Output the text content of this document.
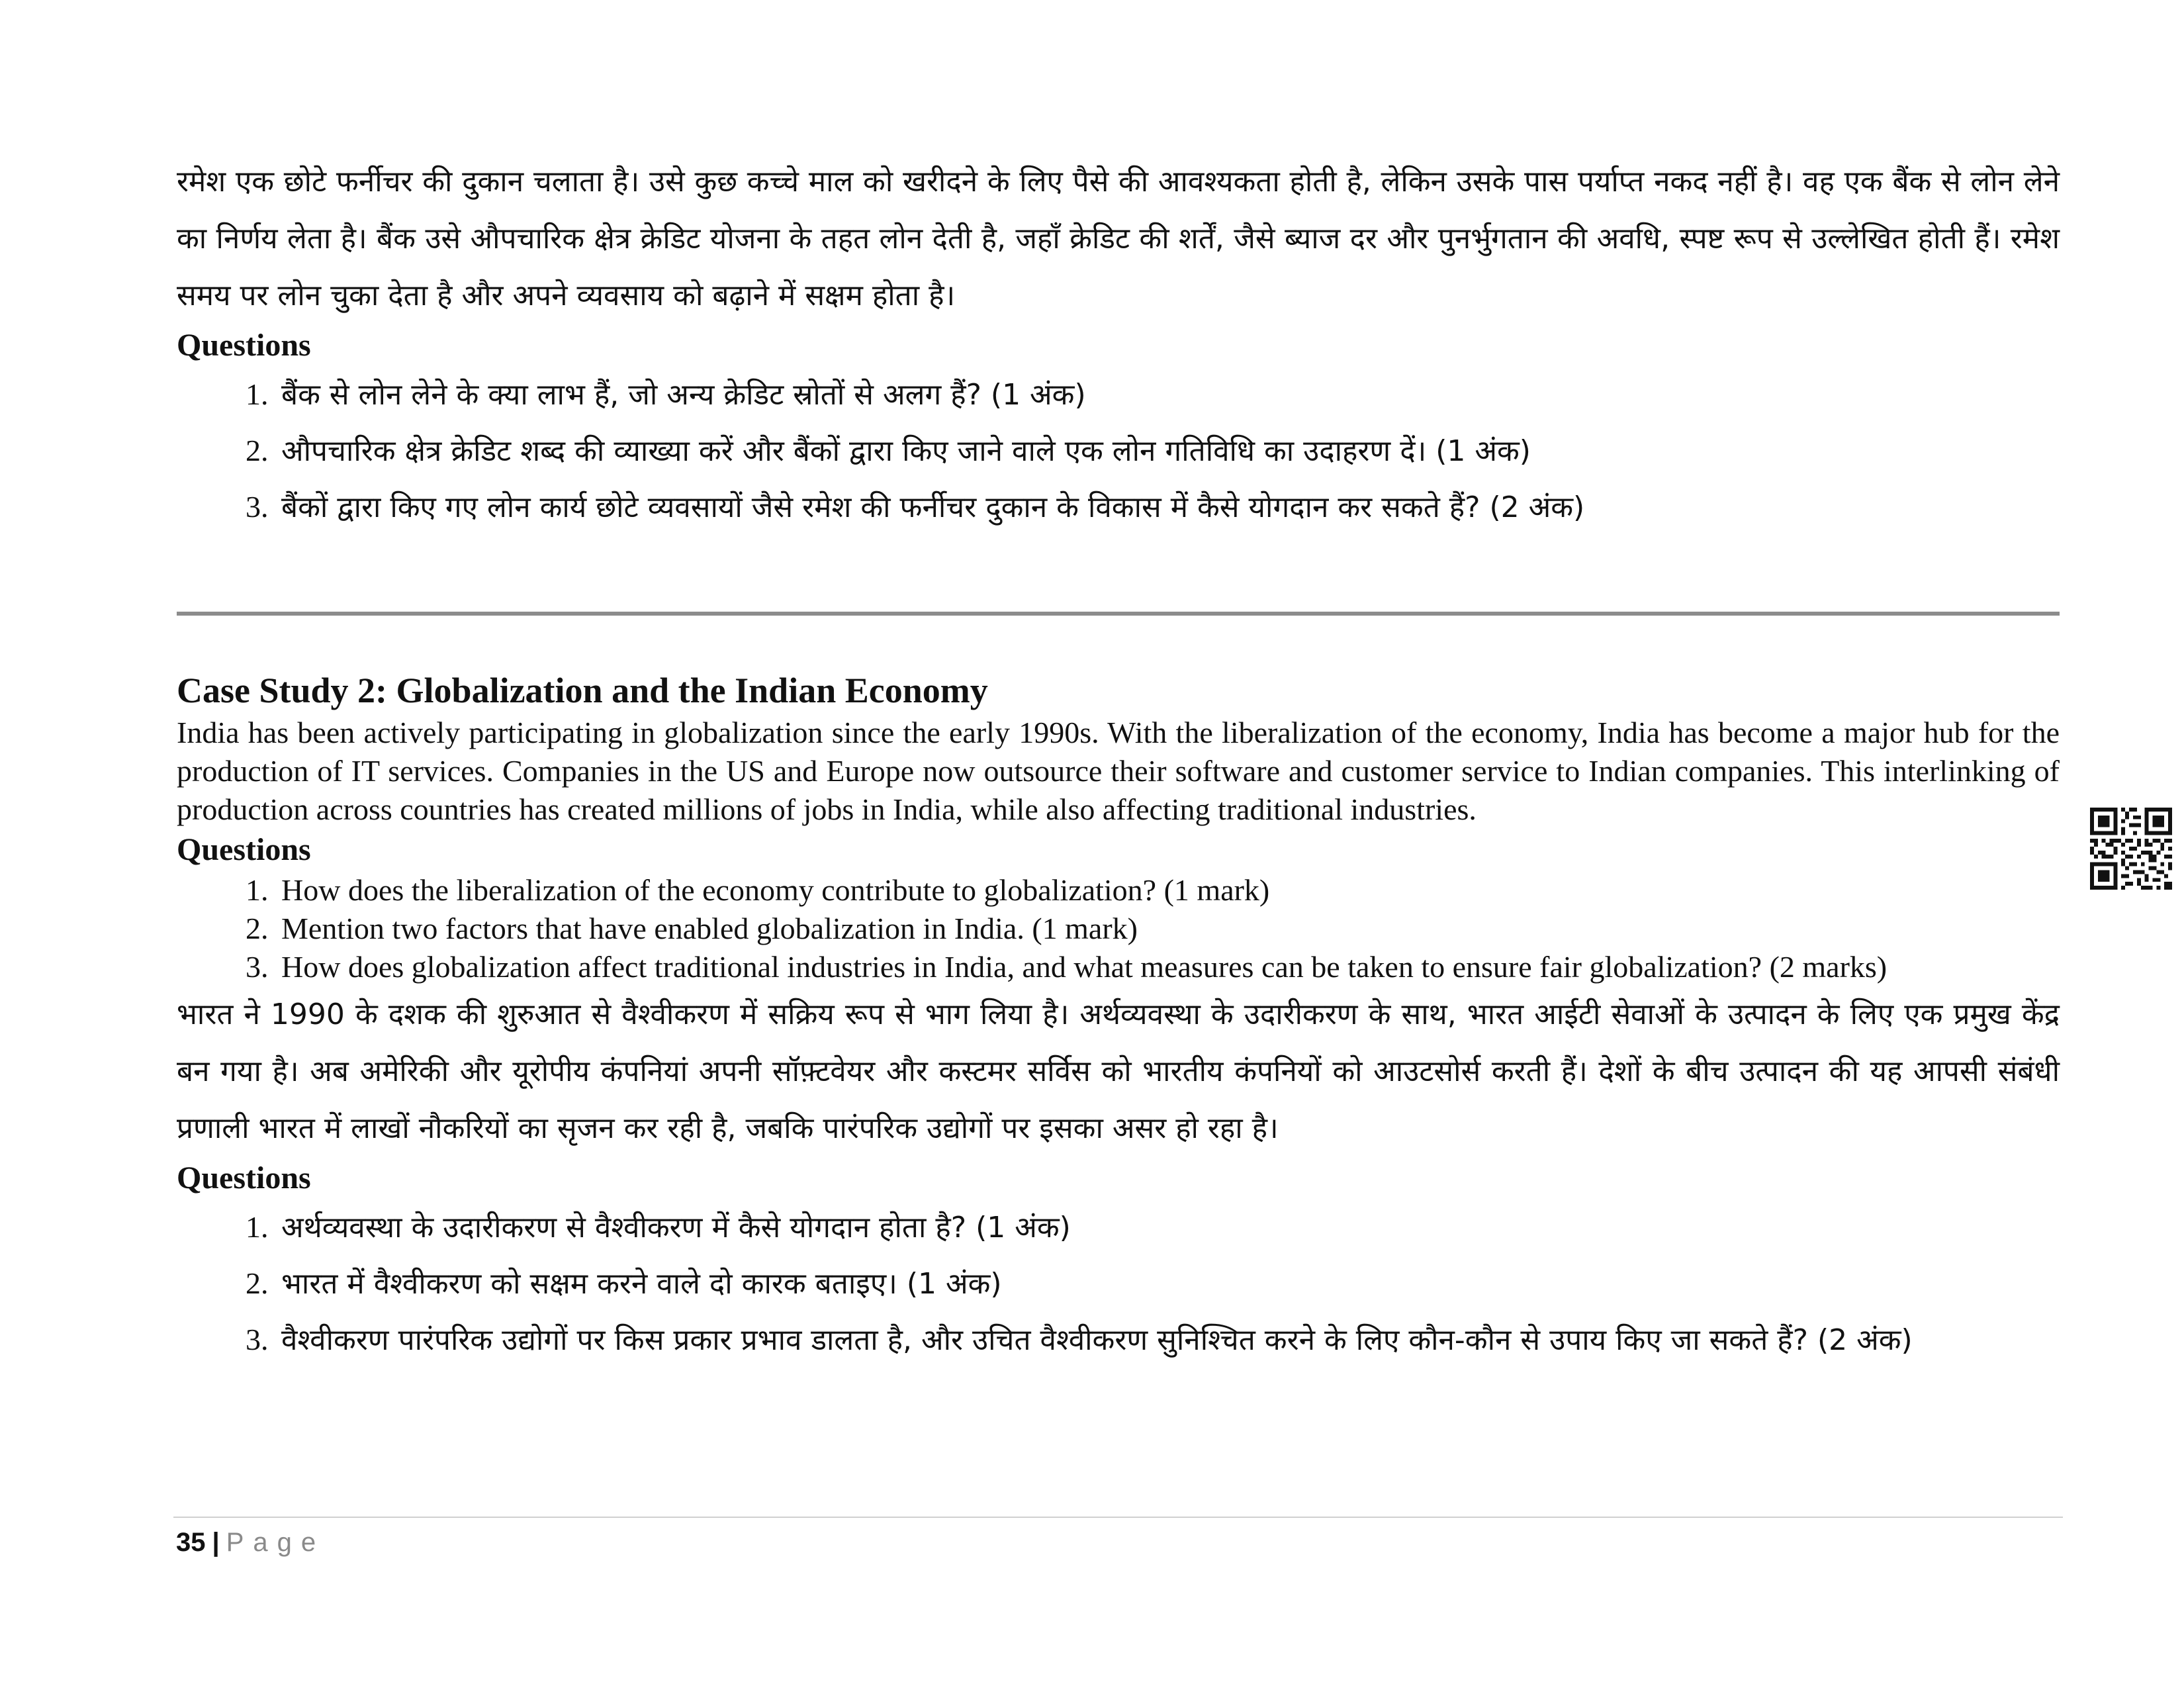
रमेश एक छोटे फर्नीचर की दुकान चलाता है। उसे कुछ कच्चे माल को खरीदने के लिए पैसे की आवश्यकता होती है, लेकिन उसके पास पर्याप्त नकद नहीं है। वह एक बैंक से लोन लेने का निर्णय लेता है। बैंक उसे औपचारिक क्षेत्र क्रेडिट योजना के तहत लोन देती है, जहाँ क्रेडिट की शर्तें, जैसे ब्याज दर और पुनर्भुगतान की अवधि, स्पष्ट रूप से उल्लेखित होती हैं। रमेश समय पर लोन चुका देता है और अपने व्यवसाय को बढ़ाने में सक्षम होता है।

Questions

1. बैंक से लोन लेने के क्या लाभ हैं, जो अन्य क्रेडिट स्रोतों से अलग हैं? (1 अंक)
2. औपचारिक क्षेत्र क्रेडिट शब्द की व्याख्या करें और बैंकों द्वारा किए जाने वाले एक लोन गतिविधि का उदाहरण दें। (1 अंक)
3. बैंकों द्वारा किए गए लोन कार्य छोटे व्यवसायों जैसे रमेश की फर्नीचर दुकान के विकास में कैसे योगदान कर सकते हैं? (2 अंक)

Case Study 2: Globalization and the Indian Economy

India has been actively participating in globalization since the early 1990s. With the liberalization of the economy, India has become a major hub for the production of IT services. Companies in the US and Europe now outsource their software and customer service to Indian companies. This interlinking of production across countries has created millions of jobs in India, while also affecting traditional industries.

Questions

1. How does the liberalization of the economy contribute to globalization? (1 mark)
2. Mention two factors that have enabled globalization in India. (1 mark)
3. How does globalization affect traditional industries in India, and what measures can be taken to ensure fair globalization? (2 marks)

भारत ने 1990 के दशक की शुरुआत से वैश्वीकरण में सक्रिय रूप से भाग लिया है। अर्थव्यवस्था के उदारीकरण के साथ, भारत आईटी सेवाओं के उत्पादन के लिए एक प्रमुख केंद्र बन गया है। अब अमेरिकी और यूरोपीय कंपनियां अपनी सॉफ़्टवेयर और कस्टमर सर्विस को भारतीय कंपनियों को आउटसोर्स करती हैं। देशों के बीच उत्पादन की यह आपसी संबंधी प्रणाली भारत में लाखों नौकरियों का सृजन कर रही है, जबकि पारंपरिक उद्योगों पर इसका असर हो रहा है।

Questions

1. अर्थव्यवस्था के उदारीकरण से वैश्वीकरण में कैसे योगदान होता है? (1 अंक)
2. भारत में वैश्वीकरण को सक्षम करने वाले दो कारक बताइए। (1 अंक)
3. वैश्वीकरण पारंपरिक उद्योगों पर किस प्रकार प्रभाव डालता है, और उचित वैश्वीकरण सुनिश्चित करने के लिए कौन-कौन से उपाय किए जा सकते हैं? (2 अंक)
35 | Page
